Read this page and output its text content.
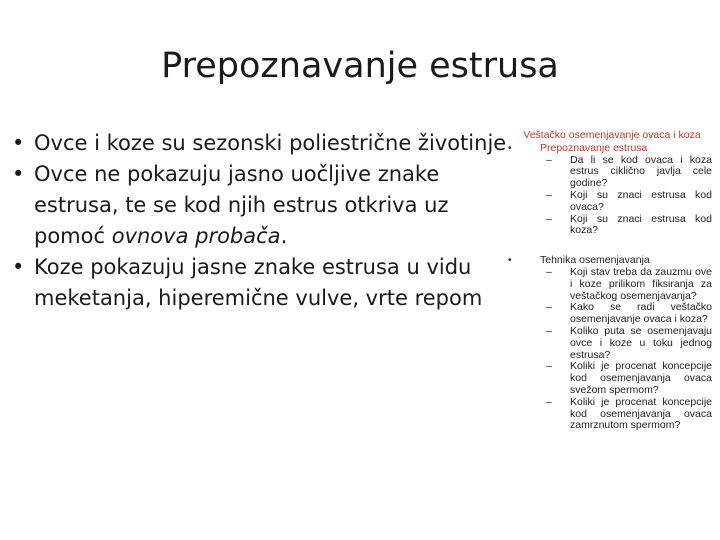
Prepoznavanje estrusa
• Ovce i koze su sezonski poliestrične životinje
• Ovce ne pokazuju jasno uočljive znake estrusa, te se kod njih estrus otkriva uz pomoć ovnova probača.
• Koze pokazuju jasne znake estrusa u vidu meketanja, hiperemične vulve, vrte repom
Veštačko osemenjavanje ovaca i koza
•	Prepoznavanje estrusa
– Da li se kod ovaca i koza estrus ciklično javlja cele godine?
– Koji su znaci estrusa kod ovaca?
– Koji su znaci estrusa kod koza?
•	Tehnika osemenjavanja
– Koji stav treba da zauzmu ove i koze prilikom fiksiranja za veštačkog osemenjavanja?
– Kako se radi veštačko osemenjavanje ovaca i koza?
– Koliko puta se osemenjavaju ovce i koze u toku jednog estrusa?
– Koliki je procenat koncepcije kod osemenjavanja ovaca svežom spermom?
– Koliki je procenat koncepcije kod osemenjavanja ovaca zamrznutom spermom?
